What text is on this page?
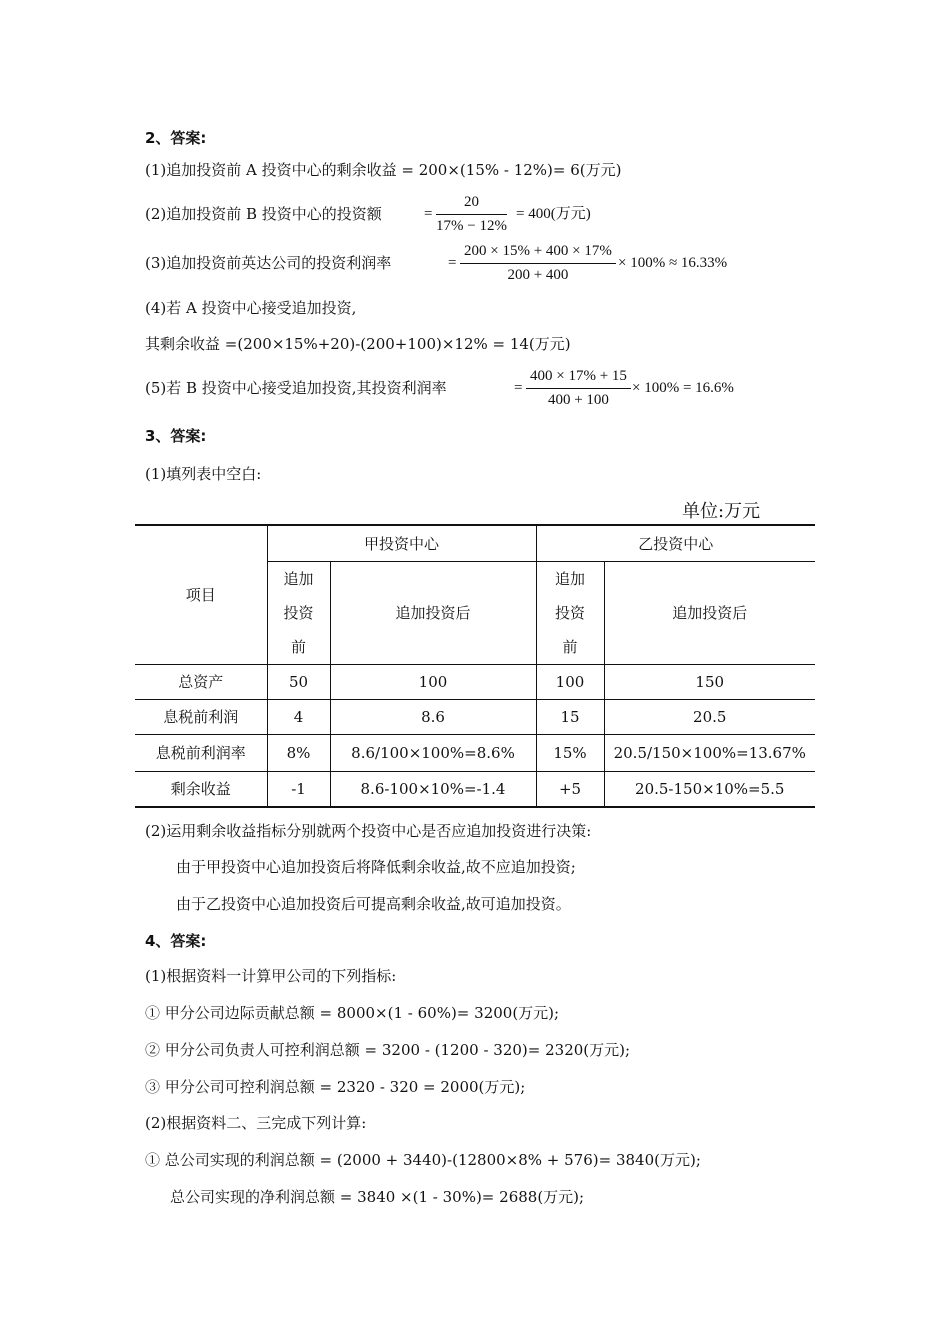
2、答案:
(1)追加投资前 A 投资中心的剩余收益 = 200×(15% - 12%)= 6(万元)
(2)追加投资前 B 投资中心的投资额	= $\frac{20}{17\% - 12\%} = 400$(万元)
(3)追加投资前英达公司的投资利润率	= $\frac{200 \times 15\% + 400 \times 17\%}{200 + 400} \times 100\% \approx 16.33\%$
(4)若 A 投资中心接受追加投资,
其剩余收益 =(200×15%+20)-(200+100)×12% = 14(万元)
(5)若 B 投资中心接受追加投资,其投资利润率	= $\frac{400 \times 17\% + 15}{400 + 100} \times 100\% = 16.6\%$
3、答案:
(1)填列表中空白:
单位:万元
项目	甲投资中心		乙投资中心	

	追加
投资
前	追加投资后	追加
投资
前	追加投资后
总资产	50	100	100	150
息税前利润	4	8.6	15	20.5
息税前利润率	8%	8.6/100×100%=8.6%	15%	20.5/150×100%=13.67%
剩余收益	-1	8.6-100×10%=-1.4	+5	20.5-150×10%=5.5
(2)运用剩余收益指标分别就两个投资中心是否应追加投资进行决策:
由于甲投资中心追加投资后将降低剩余收益,故不应追加投资;
由于乙投资中心追加投资后可提高剩余收益,故可追加投资。
4、答案:
(1)根据资料一计算甲公司的下列指标:
① 甲分公司边际贡献总额 = 8000×(1 - 60%)= 3200(万元);
② 甲分公司负责人可控利润总额 = 3200 - (1200 - 320)= 2320(万元);
③ 甲分公司可控利润总额 = 2320 - 320 = 2000(万元);
(2)根据资料二、三完成下列计算:
① 总公司实现的利润总额 = (2000 + 3440)-(12800×8% + 576)= 3840(万元);
总公司实现的净利润总额 = 3840 ×(1 - 30%)= 2688(万元);
